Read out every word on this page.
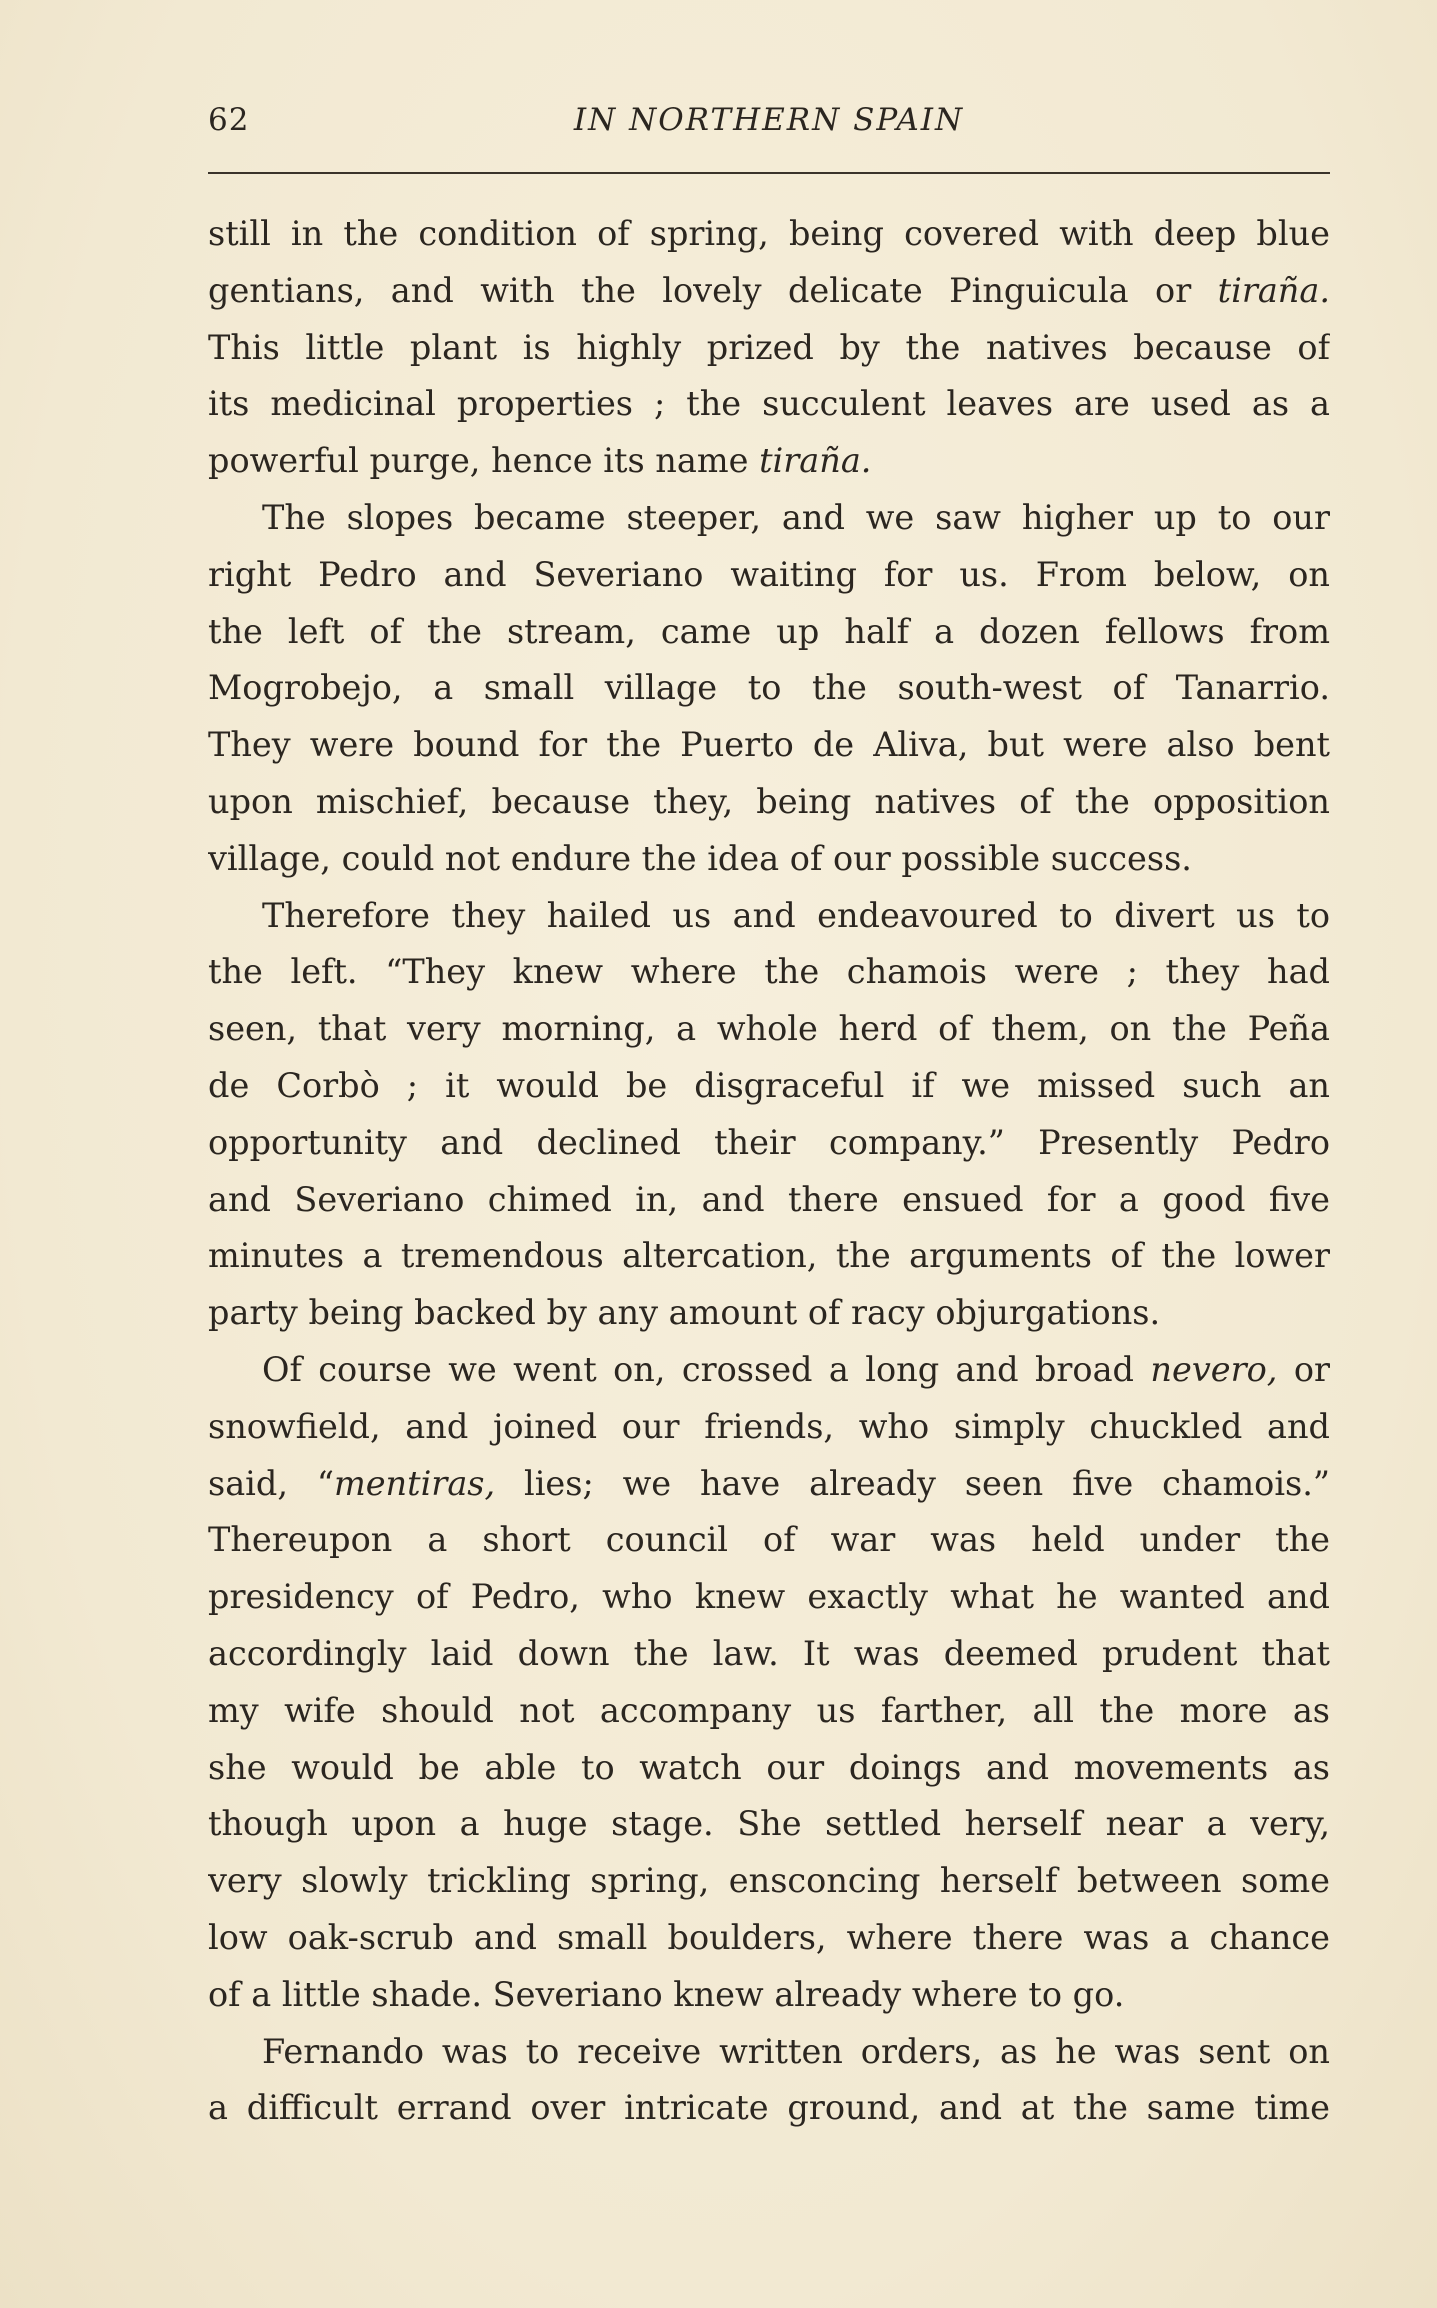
62	IN NORTHERN SPAIN
still in the condition of spring, being covered with deep blue
gentians, and with the lovely delicate Pinguicula or tiraña.
This little plant is highly prized by the natives because of
its medicinal properties ; the succulent leaves are used as a
powerful purge, hence its name tiraña.
The slopes became steeper, and we saw higher up to our
right Pedro and Severiano waiting for us. From below, on
the left of the stream, came up half a dozen fellows from
Mogrobejo, a small village to the south-west of Tanarrio.
They were bound for the Puerto de Aliva, but were also bent
upon mischief, because they, being natives of the opposition
village, could not endure the idea of our possible success.
Therefore they hailed us and endeavoured to divert us to
the left. “They knew where the chamois were ; they had
seen, that very morning, a whole herd of them, on the Peña
de Corbò ; it would be disgraceful if we missed such an
opportunity and declined their company.” Presently Pedro
and Severiano chimed in, and there ensued for a good five
minutes a tremendous altercation, the arguments of the lower
party being backed by any amount of racy objurgations.
Of course we went on, crossed a long and broad nevero, or
snowfield, and joined our friends, who simply chuckled and
said, “mentiras, lies; we have already seen five chamois.”
Thereupon a short council of war was held under the
presidency of Pedro, who knew exactly what he wanted and
accordingly laid down the law. It was deemed prudent that
my wife should not accompany us farther, all the more as
she would be able to watch our doings and movements as
though upon a huge stage. She settled herself near a very,
very slowly trickling spring, ensconcing herself between some
low oak-scrub and small boulders, where there was a chance
of a little shade. Severiano knew already where to go.
Fernando was to receive written orders, as he was sent on
a difficult errand over intricate ground, and at the same time
